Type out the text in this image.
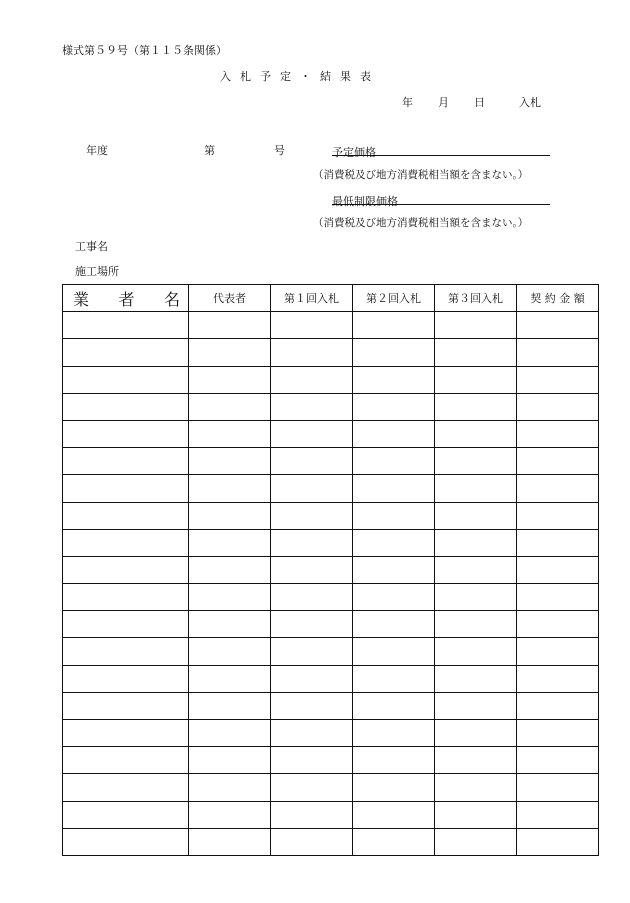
様式第５９号（第１１５条関係）
入札予定・結果表
年 月 日	入札
年度	第	号	予定価格
（消費税及び地方消費税相当額を含まない。）
最低制限価格
（消費税及び地方消費税相当額を含まない。）
工事名
施工場所
業 者 名	代表者	第１回入札	第２回入札	第３回入札	契 約 金 額
